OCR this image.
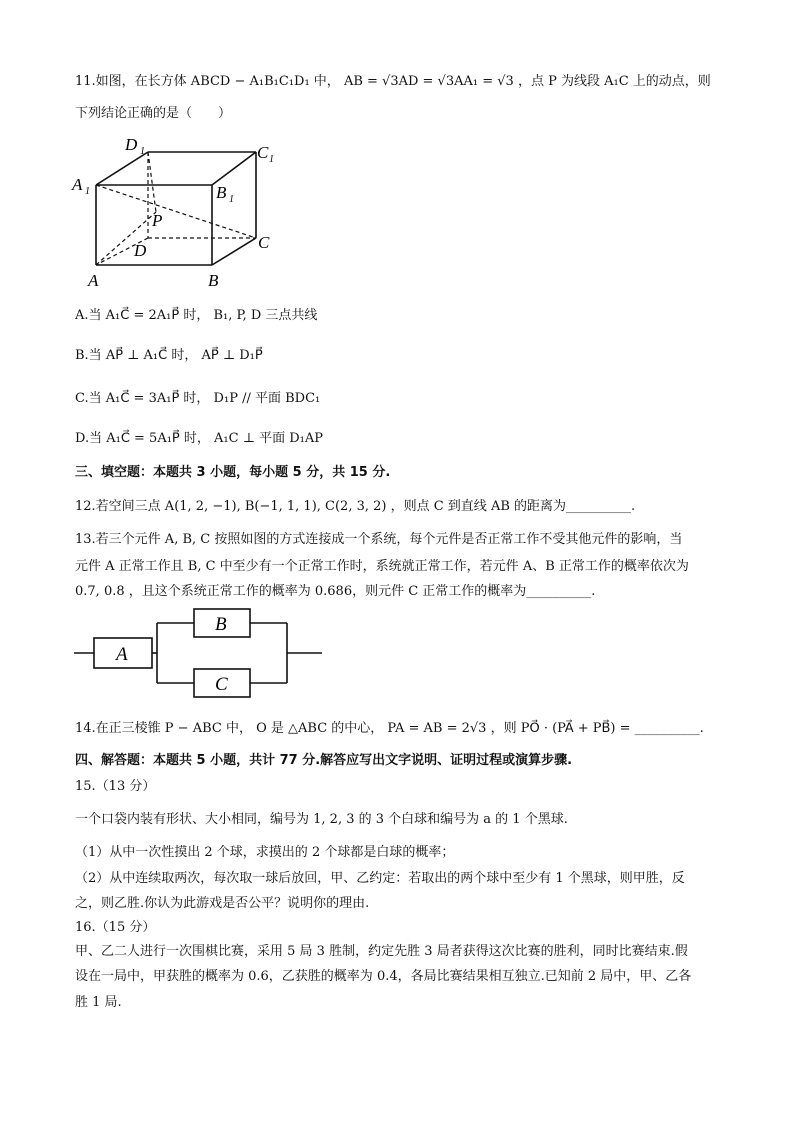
11.如图，在长方体 ABCD − A₁B₁C₁D₁ 中， AB = √3AD = √3AA₁ = √3 ，点 P 为线段 A₁C 上的动点，则
下列结论正确的是（　　）
D 1	C 1
A 1	B 1
P
D	C
A	B
A.当 A₁C⃗ = 2A₁P⃗ 时， B₁, P, D 三点共线
B.当 AP⃗ ⊥ A₁C⃗ 时， AP⃗ ⊥ D₁P⃗
C.当 A₁C⃗ = 3A₁P⃗ 时， D₁P // 平面 BDC₁
D.当 A₁C⃗ = 5A₁P⃗ 时， A₁C ⊥ 平面 D₁AP
三、填空题：本题共 3 小题，每小题 5 分，共 15 分.
12.若空间三点 A(1, 2, −1), B(−1, 1, 1), C(2, 3, 2) ，则点 C 到直线 AB 的距离为__________.
13.若三个元件 A, B, C 按照如图的方式连接成一个系统，每个元件是否正常工作不受其他元件的影响，当
元件 A 正常工作且 B, C 中至少有一个正常工作时，系统就正常工作，若元件 A、B 正常工作的概率依次为
0.7, 0.8 ，且这个系统正常工作的概率为 0.686，则元件 C 正常工作的概率为__________.
A
B
C
14.在正三棱锥 P − ABC 中， O 是 △ABC 的中心， PA = AB = 2√3 ，则 PO⃗ · (PA⃗ + PB⃗) = __________.
四、解答题：本题共 5 小题，共计 77 分.解答应写出文字说明、证明过程或演算步骤.
15.（13 分）
一个口袋内装有形状、大小相同，编号为 1, 2, 3 的 3 个白球和编号为 a 的 1 个黑球.
（1）从中一次性摸出 2 个球，求摸出的 2 个球都是白球的概率；
（2）从中连续取两次，每次取一球后放回，甲、乙约定：若取出的两个球中至少有 1 个黑球，则甲胜，反
之，则乙胜.你认为此游戏是否公平？说明你的理由.
16.（15 分）
甲、乙二人进行一次围棋比赛，采用 5 局 3 胜制，约定先胜 3 局者获得这次比赛的胜利，同时比赛结束.假
设在一局中，甲获胜的概率为 0.6，乙获胜的概率为 0.4，各局比赛结果相互独立.已知前 2 局中，甲、乙各
胜 1 局.
